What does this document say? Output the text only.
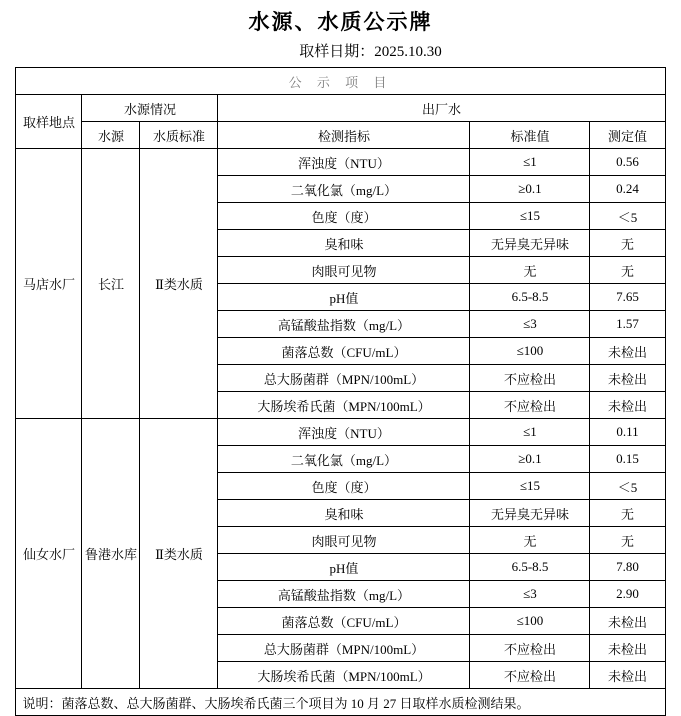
水源、水质公示牌
取样日期：2025.10.30
公 示 项 目					
取样地点	水源情况		出厂水		
	水源	水质标准	检测指标	标准值	测定值
马店水厂	长江	Ⅱ类水质	浑浊度（NTU）	≤1	0.56
			二氧化氯（mg/L）	≥0.1	0.24
			色度（度）	≤15	＜5
			臭和味	无异臭无异味	无
			肉眼可见物	无	无
			pH值	6.5-8.5	7.65
			高锰酸盐指数（mg/L）	≤3	1.57
			菌落总数（CFU/mL）	≤100	未检出
			总大肠菌群（MPN/100mL）	不应检出	未检出
			大肠埃希氏菌（MPN/100mL）	不应检出	未检出
仙女水厂	鲁港水库	Ⅱ类水质	浑浊度（NTU）	≤1	0.11
			二氧化氯（mg/L）	≥0.1	0.15
			色度（度）	≤15	＜5
			臭和味	无异臭无异味	无
			肉眼可见物	无	无
			pH值	6.5-8.5	7.80
			高锰酸盐指数（mg/L）	≤3	2.90
			菌落总数（CFU/mL）	≤100	未检出
			总大肠菌群（MPN/100mL）	不应检出	未检出
			大肠埃希氏菌（MPN/100mL）	不应检出	未检出
说明：菌落总数、总大肠菌群、大肠埃希氏菌三个项目为 10 月 27 日取样水质检测结果。					
